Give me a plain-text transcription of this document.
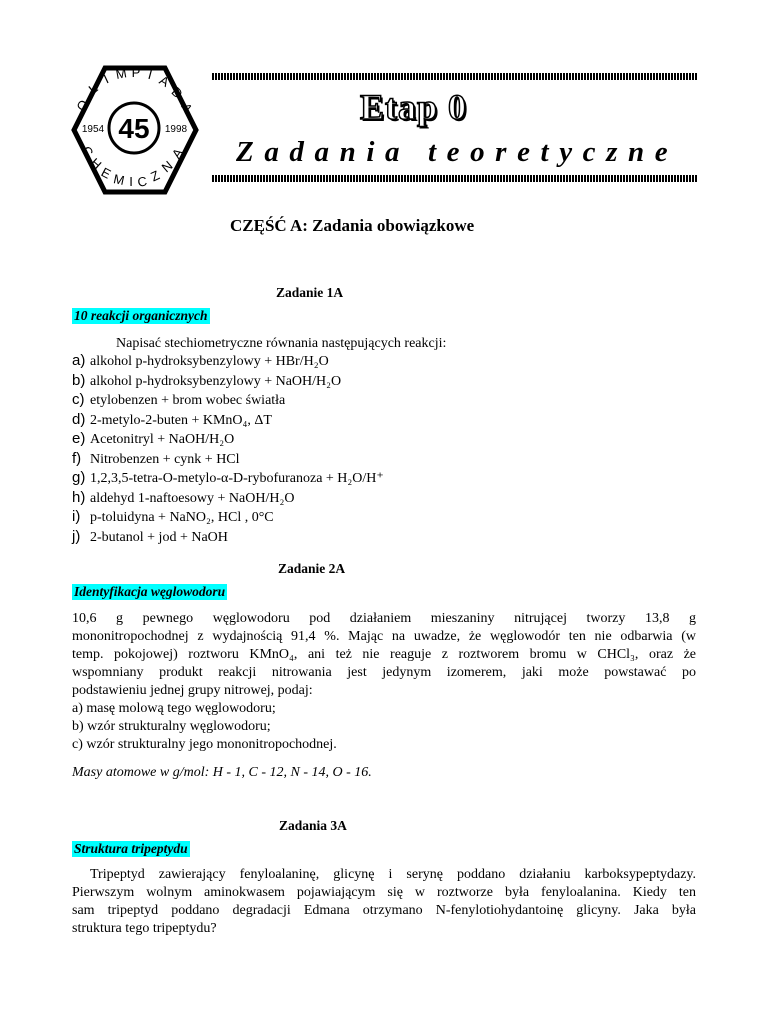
O
L
I M P I A
D
A
C
H
E
M I C Z
N
A
45
1954	1998
Etap 0
Zadania teoretyczne
CZĘŚĆ A: Zadania obowiązkowe
Zadanie 1A
10 reakcji organicznych
Napisać stechiometryczne równania następujących reakcji:
a) alkohol p-hydroksybenzylowy + HBr/H₂O
b) alkohol p-hydroksybenzylowy + NaOH/H₂O
c) etylobenzen + brom wobec światła
d) 2-metylo-2-buten + KMnO₄, ΔT
e) Acetonitryl + NaOH/H₂O
f) Nitrobenzen + cynk + HCl
g) 1,2,3,5-tetra-O-metylo-α-D-rybofuranoza + H₂O/H⁺
h) aldehyd 1-naftoesowy + NaOH/H₂O
i) p-toluidyna + NaNO₂, HCl , 0°C
j) 2-butanol + jod + NaOH
Zadanie 2A
Identyfikacja węglowodoru
10,6 g pewnego węglowodoru pod działaniem mieszaniny nitrującej tworzy 13,8 g
mononitropochodnej z wydajnością 91,4 %. Mając na uwadze, że węglowodór ten nie odbarwia (w
temp. pokojowej) roztworu KMnO₄, ani też nie reaguje z roztworem bromu w CHCl₃, oraz że
wspomniany produkt reakcji nitrowania jest jedynym izomerem, jaki może powstawać po
podstawieniu jednej grupy nitrowej, podaj:
a) masę molową tego węglowodoru;
b) wzór strukturalny węglowodoru;
c) wzór strukturalny jego mononitropochodnej.
Masy atomowe w g/mol: H - 1, C - 12, N - 14, O - 16.
Zadania 3A
Struktura tripeptydu
Tripeptyd zawierający fenyloalaninę, glicynę i serynę poddano działaniu karboksypeptydazy.
Pierwszym wolnym aminokwasem pojawiającym się w roztworze była fenyloalanina. Kiedy ten
sam tripeptyd poddano degradacji Edmana otrzymano N-fenylotiohydantoinę glicyny. Jaka była
struktura tego tripeptydu?
